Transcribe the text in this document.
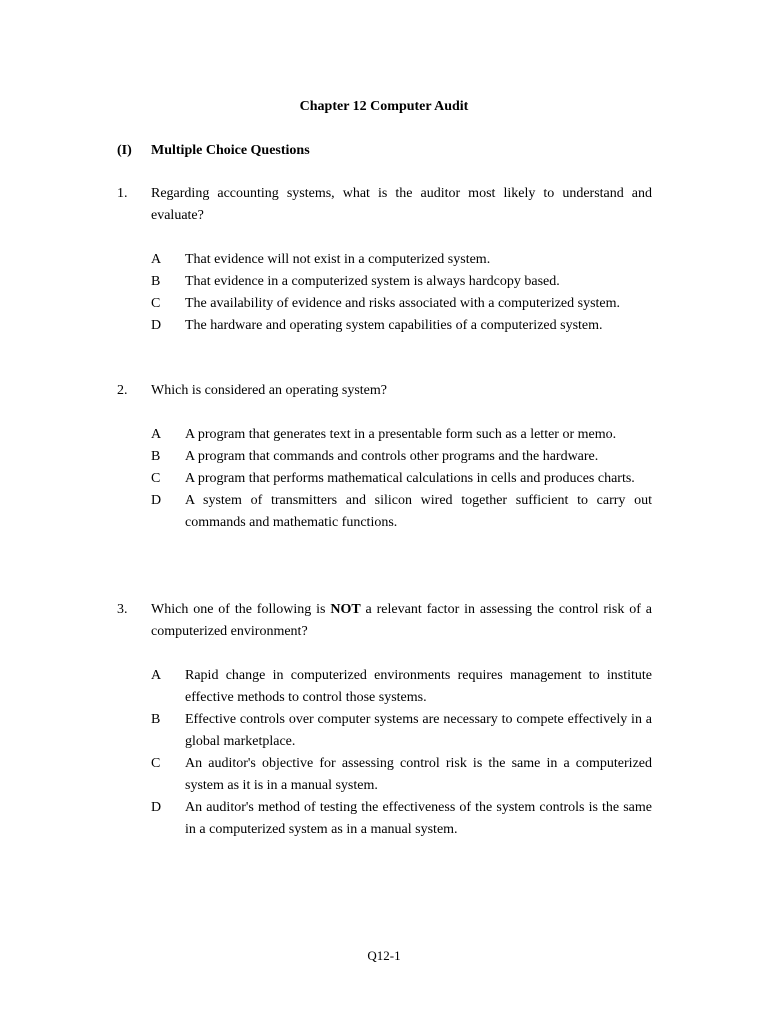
Chapter 12 Computer Audit
(I)	Multiple Choice Questions
1.	Regarding accounting systems, what is the auditor most likely to understand and evaluate?
A	That evidence will not exist in a computerized system.
B	That evidence in a computerized system is always hardcopy based.
C	The availability of evidence and risks associated with a computerized system.
D	The hardware and operating system capabilities of a computerized system.
2.	Which is considered an operating system?
A	A program that generates text in a presentable form such as a letter or memo.
B	A program that commands and controls other programs and the hardware.
C	A program that performs mathematical calculations in cells and produces charts.
D	A system of transmitters and silicon wired together sufficient to carry out commands and mathematic functions.
3.	Which one of the following is NOT a relevant factor in assessing the control risk of a computerized environment?
A	Rapid change in computerized environments requires management to institute effective methods to control those systems.
B	Effective controls over computer systems are necessary to compete effectively in a global marketplace.
C	An auditor's objective for assessing control risk is the same in a computerized system as it is in a manual system.
D	An auditor's method of testing the effectiveness of the system controls is the same in a computerized system as in a manual system.
Q12-1
